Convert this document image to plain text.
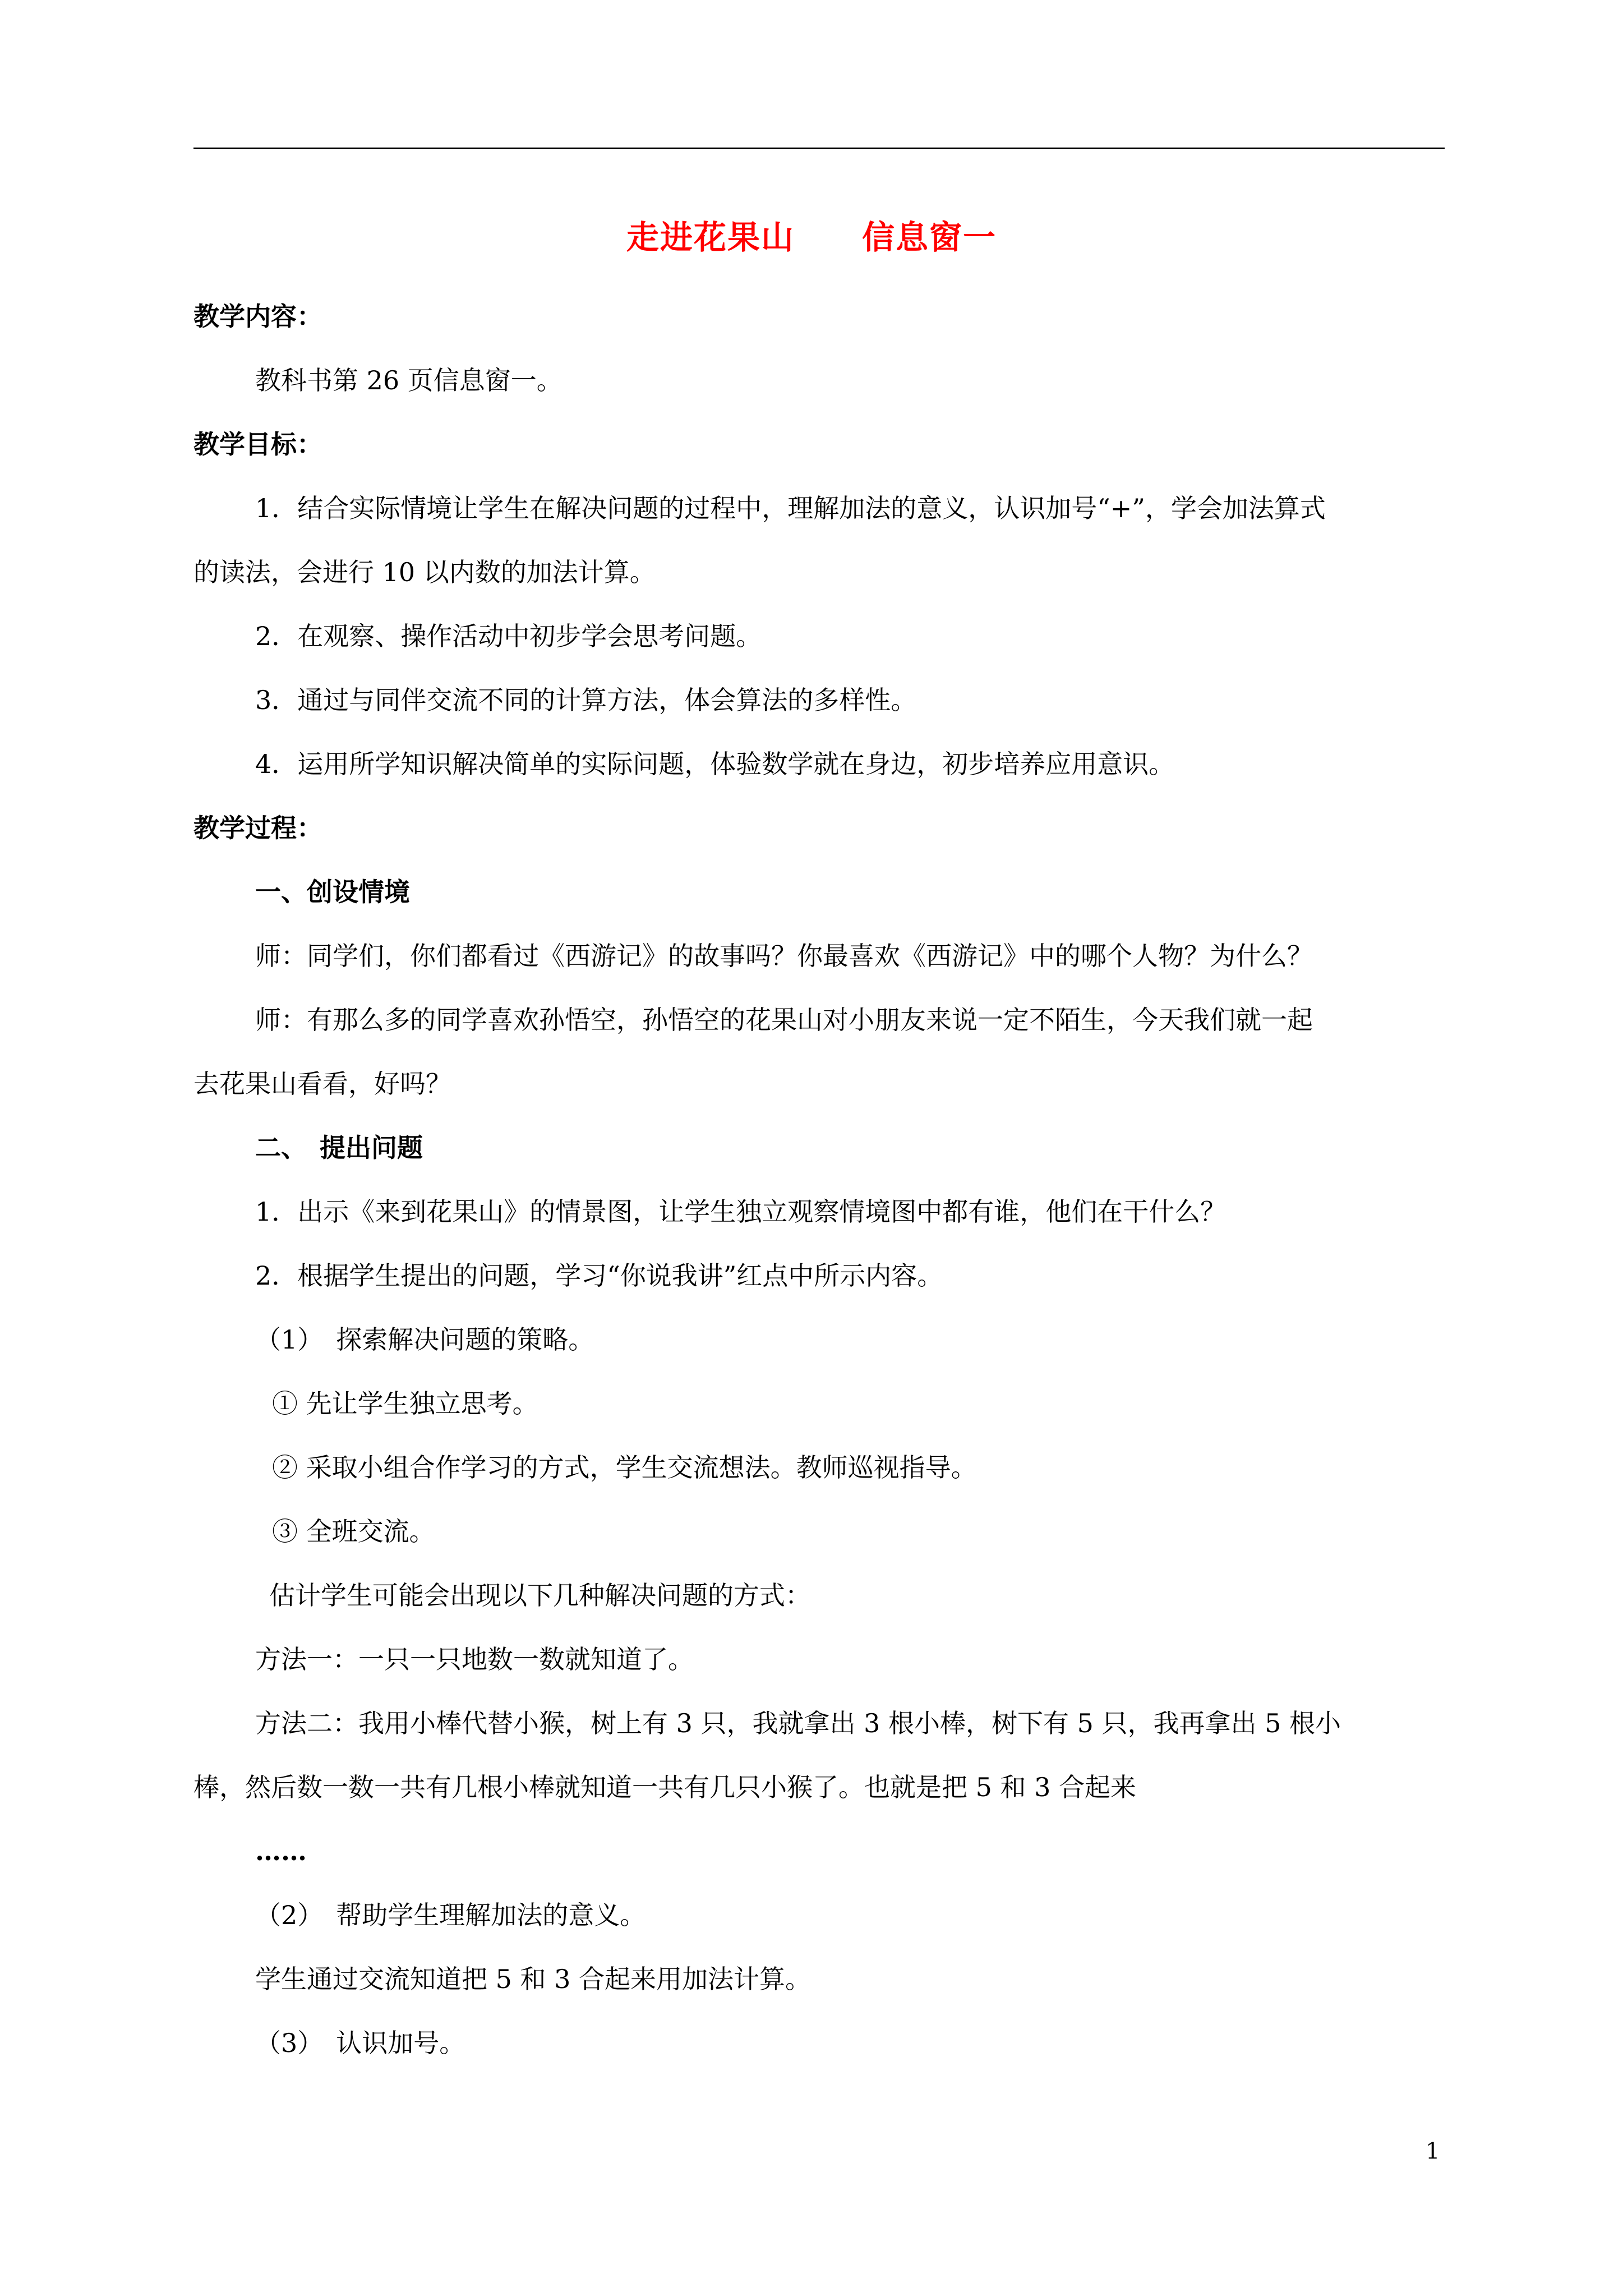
走进花果山　　信息窗一
教学内容：
教科书第 26 页信息窗一。
教学目标：
1．结合实际情境让学生在解决问题的过程中，理解加法的意义，认识加号“+”，学会加法算式
的读法，会进行 10 以内数的加法计算。
2．在观察、操作活动中初步学会思考问题。
3．通过与同伴交流不同的计算方法，体会算法的多样性。
4．运用所学知识解决简单的实际问题，体验数学就在身边，初步培养应用意识。
教学过程：
一、创设情境
师：同学们，你们都看过《西游记》的故事吗？你最喜欢《西游记》中的哪个人物？为什么？
师：有那么多的同学喜欢孙悟空，孙悟空的花果山对小朋友来说一定不陌生，今天我们就一起
去花果山看看，好吗？
二、　提出问题
1．出示《来到花果山》的情景图，让学生独立观察情境图中都有谁，他们在干什么？
2．根据学生提出的问题，学习“你说我讲”红点中所示内容。
（1）　探索解决问题的策略。
① 先让学生独立思考。
② 采取小组合作学习的方式，学生交流想法。教师巡视指导。
③ 全班交流。
估计学生可能会出现以下几种解决问题的方式：
方法一：一只一只地数一数就知道了。
方法二：我用小棒代替小猴，树上有 3 只，我就拿出 3 根小棒，树下有 5 只，我再拿出 5 根小
棒，然后数一数一共有几根小棒就知道一共有几只小猴了。也就是把 5 和 3 合起来
……
（2）　帮助学生理解加法的意义。
学生通过交流知道把 5 和 3 合起来用加法计算。
（3）　认识加号。
1
